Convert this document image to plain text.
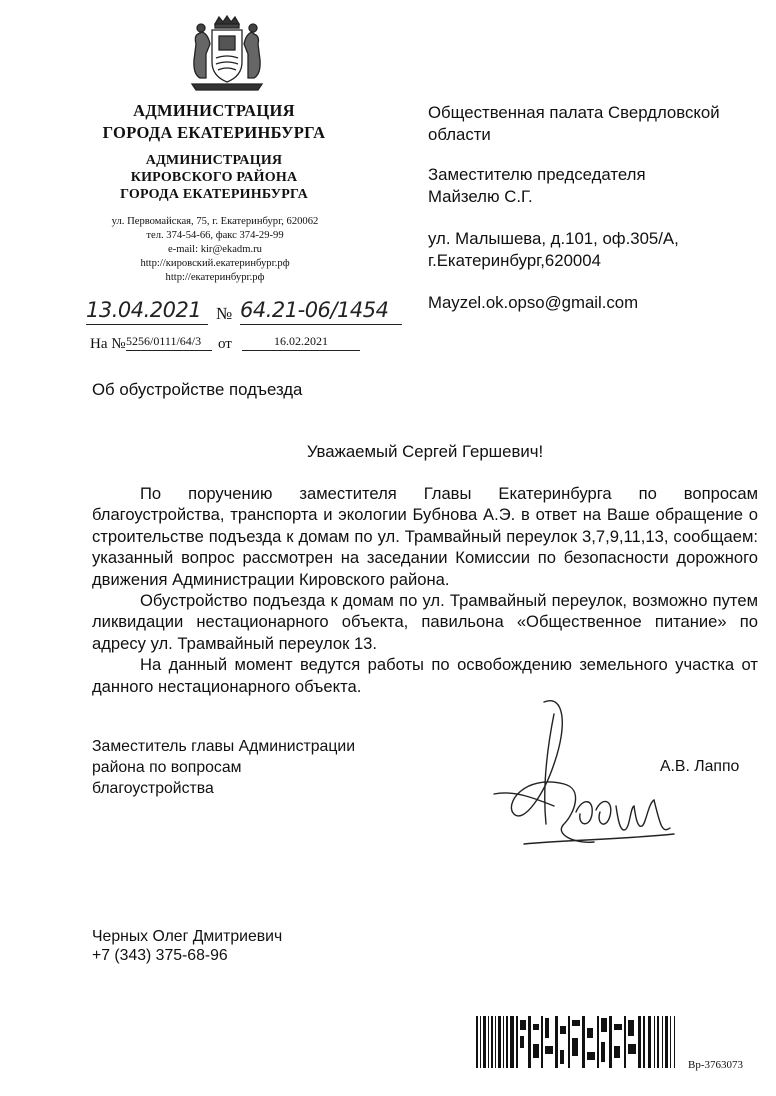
АДМИНИСТРАЦИЯ
ГОРОДА ЕКАТЕРИНБУРГА
АДМИНИСТРАЦИЯ
КИРОВСКОГО РАЙОНА
ГОРОДА ЕКАТЕРИНБУРГА
ул. Первомайская, 75, г. Екатеринбург, 620062
тел. 374-54-66, факс 374-29-99
e-mail: kir@ekadm.ru
http://кировский.екатеринбург.рф
http://екатеринбург.рф
13.04.2021 № 64.21-06/1454
На № 5256/0111/64/3	от	16.02.2021
Общественная палата Свердловской
области
Заместителю председателя
Майзелю С.Г.
ул. Малышева, д.101, оф.305/А,
г.Екатеринбург,620004
Mayzel.ok.opso@gmail.com
Об обустройстве подъезда
Уважаемый Сергей Гершевич!

По поручению заместителя Главы Екатеринбурга по вопросам благоустройства, транспорта и экологии Бубнова А.Э. в ответ на Ваше обращение о строительстве подъезда к домам по ул. Трамвайный переулок 3,7,9,11,13, сообщаем: указанный вопрос рассмотрен на заседании Комиссии по безопасности дорожного движения Администрации Кировского района.

Обустройство подъезда к домам по ул. Трамвайный переулок, возможно путем ликвидации нестационарного объекта, павильона «Общественное питание» по адресу ул. Трамвайный переулок 13.

На данный момент ведутся работы по освобождению земельного участка от данного нестационарного объекта.

Заместитель главы Администрации
района по вопросам
благоустройства
А.В. Лаппо
Черных Олег Дмитриевич
+7 (343) 375-68-96
Вр-3763073
